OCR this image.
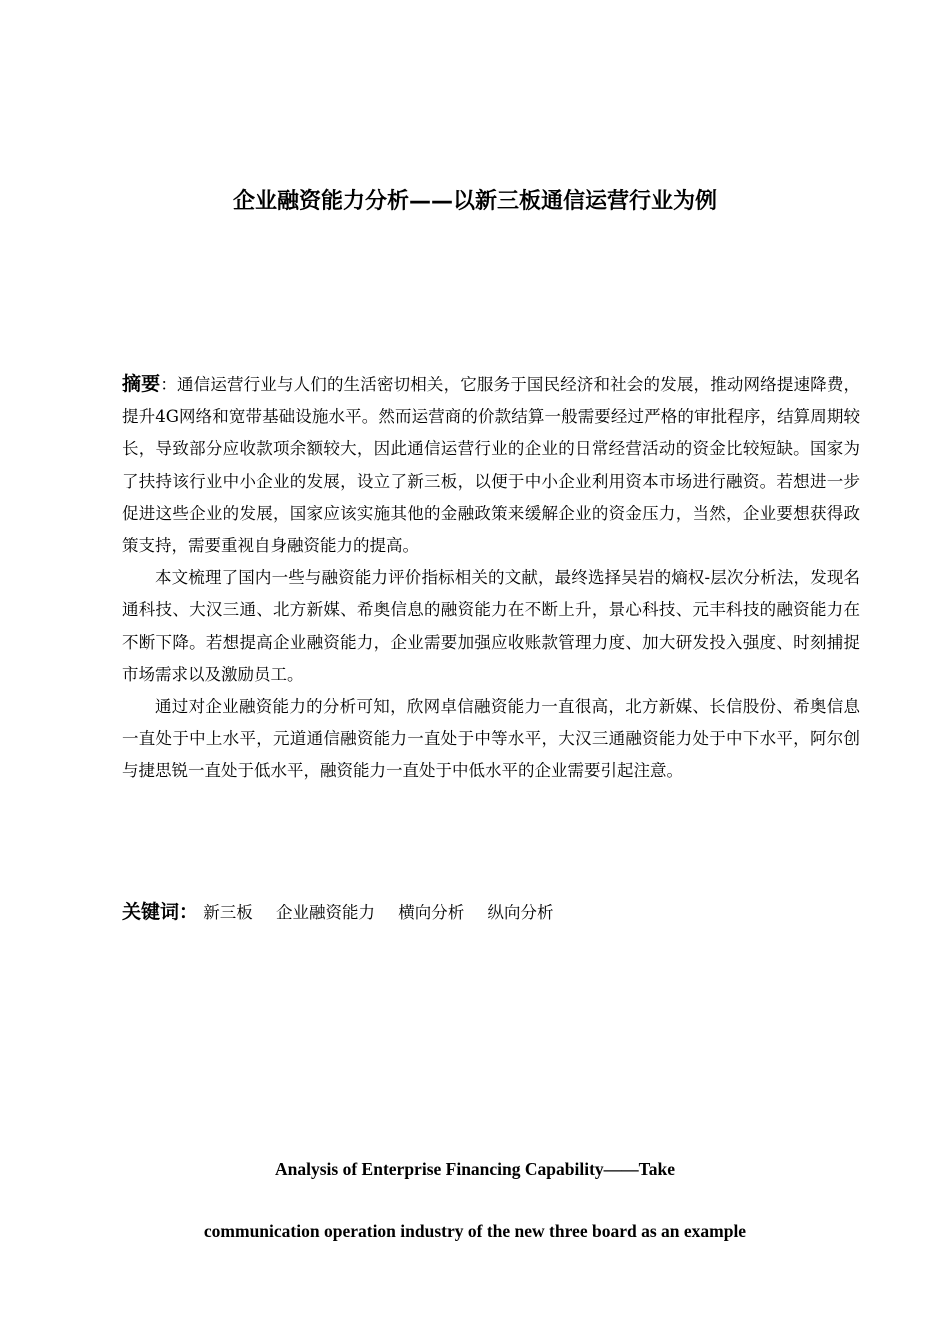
企业融资能力分析——以新三板通信运营行业为例

摘要：通信运营行业与人们的生活密切相关，它服务于国民经济和社会的发展，推动网络提速降费，提升4G网络和宽带基础设施水平。然而运营商的价款结算一般需要经过严格的审批程序，结算周期较长，导致部分应收款项余额较大，因此通信运营行业的企业的日常经营活动的资金比较短缺。国家为了扶持该行业中小企业的发展，设立了新三板，以便于中小企业利用资本市场进行融资。若想进一步促进这些企业的发展，国家应该实施其他的金融政策来缓解企业的资金压力，当然，企业要想获得政策支持，需要重视自身融资能力的提高。

本文梳理了国内一些与融资能力评价指标相关的文献，最终选择吴岩的熵权-层次分析法，发现名通科技、大汉三通、北方新媒、希奥信息的融资能力在不断上升，景心科技、元丰科技的融资能力在不断下降。若想提高企业融资能力，企业需要加强应收账款管理力度、加大研发投入强度、时刻捕捉市场需求以及激励员工。

通过对企业融资能力的分析可知，欣网卓信融资能力一直很高，北方新媒、长信股份、希奥信息一直处于中上水平，元道通信融资能力一直处于中等水平，大汉三通融资能力处于中下水平，阿尔创与捷思锐一直处于低水平，融资能力一直处于中低水平的企业需要引起注意。

关键词： 新三板 企业融资能力 横向分析 纵向分析

Analysis of Enterprise Financing Capability——Take

communication operation industry of the new three board as an example
